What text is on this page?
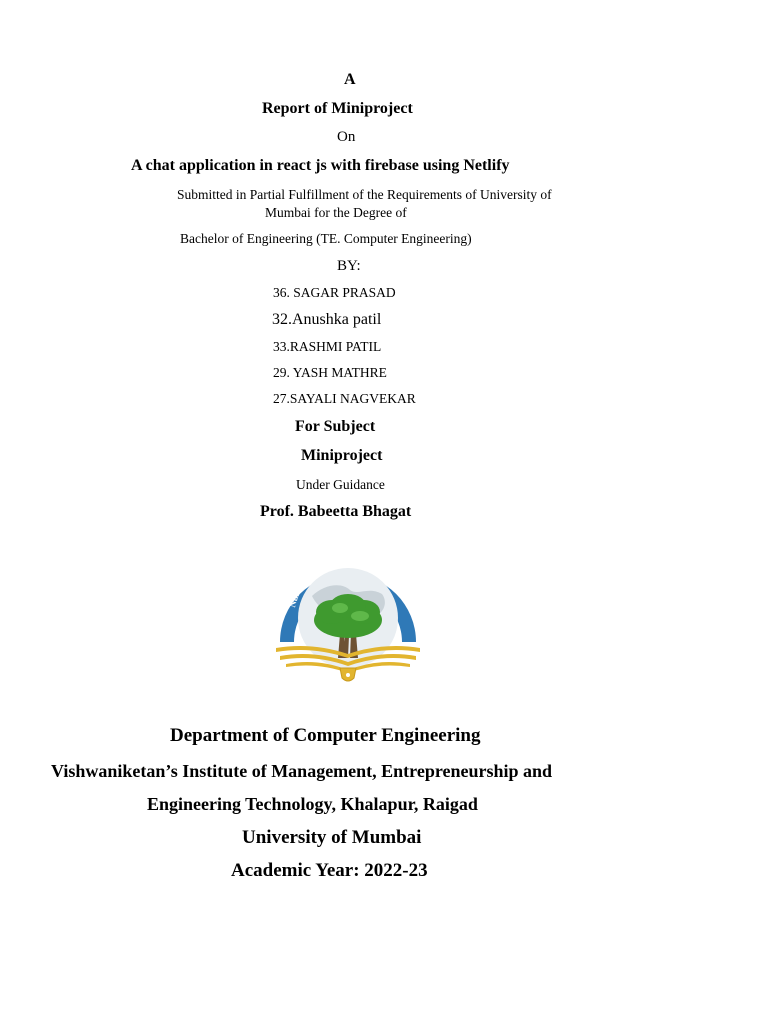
A
Report of Miniproject
On
A chat application in react js with firebase using Netlify
Submitted in Partial Fulfillment of the Requirements of University of
Mumbai for the Degree of
Bachelor of Engineering (TE. Computer Engineering)
BY:
36. SAGAR PRASAD
32.Anushka patil
33.RASHMI PATIL
29. YASH MATHRE
27.SAYALI NAGVEKAR
For Subject
Miniproject
Under Guidance
Prof. Babeetta Bhagat
Nurture · Inspire · Transform
Department of Computer Engineering
Vishwaniketan’s Institute of Management, Entrepreneurship and
Engineering Technology, Khalapur, Raigad
University of Mumbai
Academic Year: 2022-23
